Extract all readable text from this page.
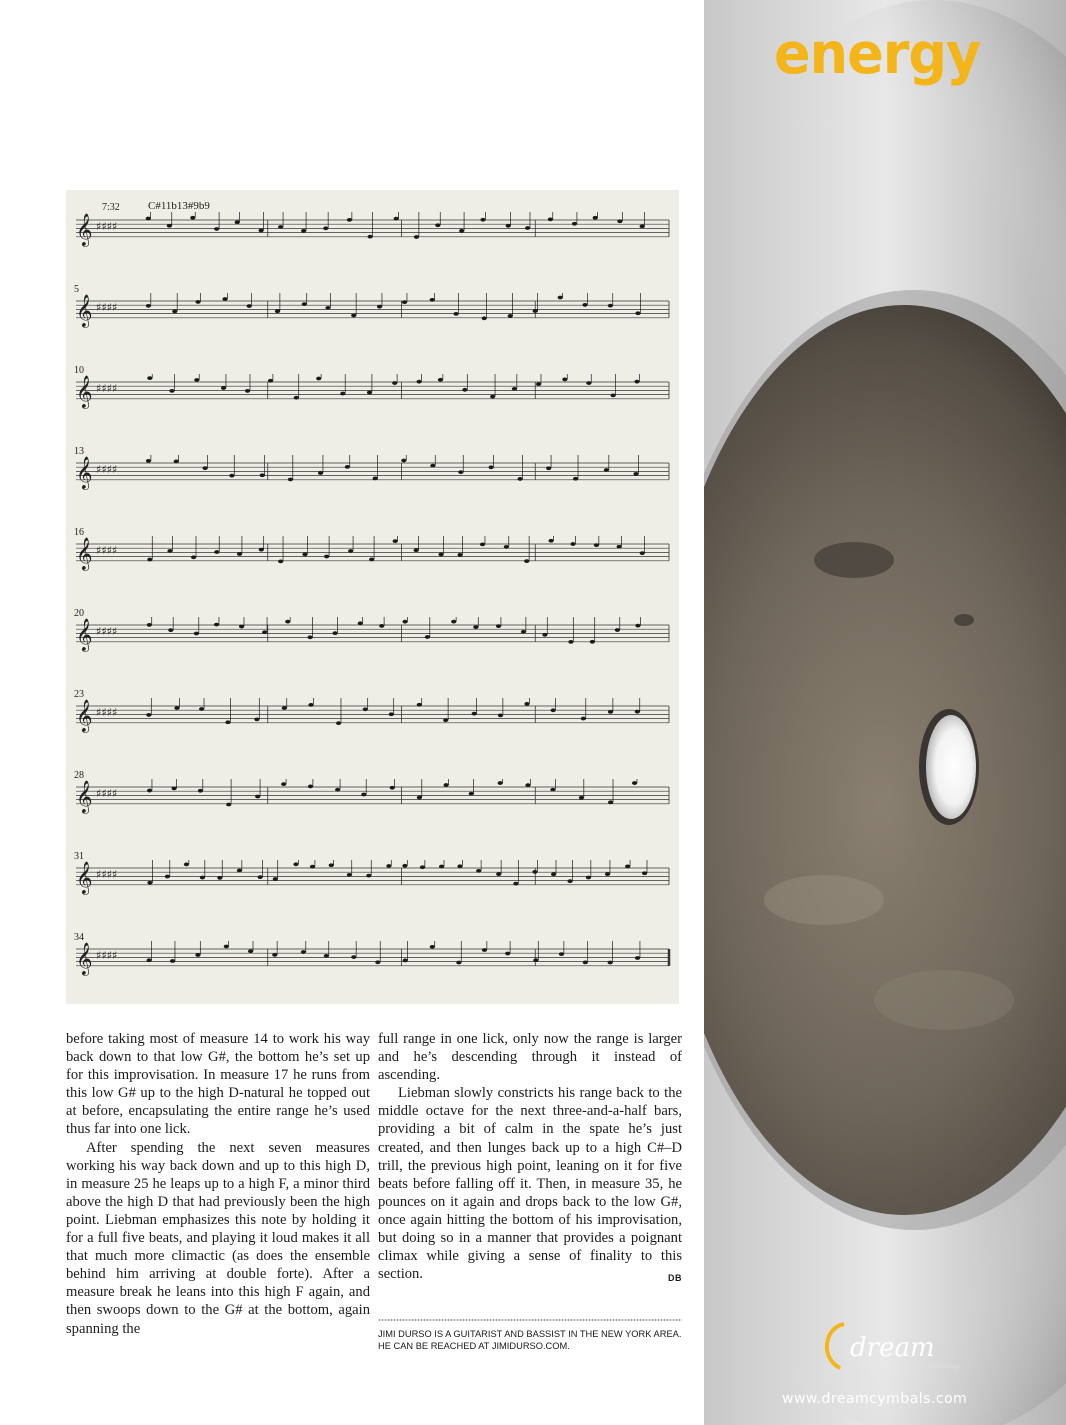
𝄞 ♯♯♯♯
𝄞 ♯♯♯♯
𝄞 ♯♯♯♯
𝄞 ♯♯♯♯
𝄞 ♯♯♯♯
𝄞 ♯♯♯♯
𝄞 ♯♯♯♯
𝄞 ♯♯♯♯
𝄞 ♯♯♯♯
𝄞 ♯♯♯♯
7:32	C#11b13#9b9
5
10
13
16
20
23
28
31
34

before taking most of measure 14 to work his way back down to that low G#, the bottom he’s set up for this improvisation. In measure 17 he runs from this low G# up to the high D-natural he topped out at before, encapsulating the entire range he’s used thus far into one lick.

After spending the next seven measures working his way back down and up to this high D, in measure 25 he leaps up to a high F, a minor third above the high D that had previously been the high point. Liebman emphasizes this note by holding it for a full five beats, and playing it loud makes it all that much more climactic (as does the ensemble behind him arriving at double forte). After a measure break he leans into this high F again, and then swoops down to the G# at the bottom, again spanning the

full range in one lick, only now the range is larger and he’s descending through it instead of ascending.

Liebman slowly constricts his range back to the middle octave for the next three-and-a-half bars, providing a bit of calm in the spate he’s just created, and then lunges back up to a high C#–D trill, the previous high point, leaning on it for five beats before falling off it. Then, in measure 35, he pounces on it again and drops back to the low G#, once again hitting the bottom of his improvisation, but doing so in a manner that provides a poignant climax while giving a sense of finality to this section.	DB

JIMI DURSO IS A GUITARIST AND BASSIST IN THE NEW YORK AREA. HE CAN BE REACHED AT JIMIDURSO.COM.
energy
dream
Cymbals and Gongs
www.dreamcymbals.com
